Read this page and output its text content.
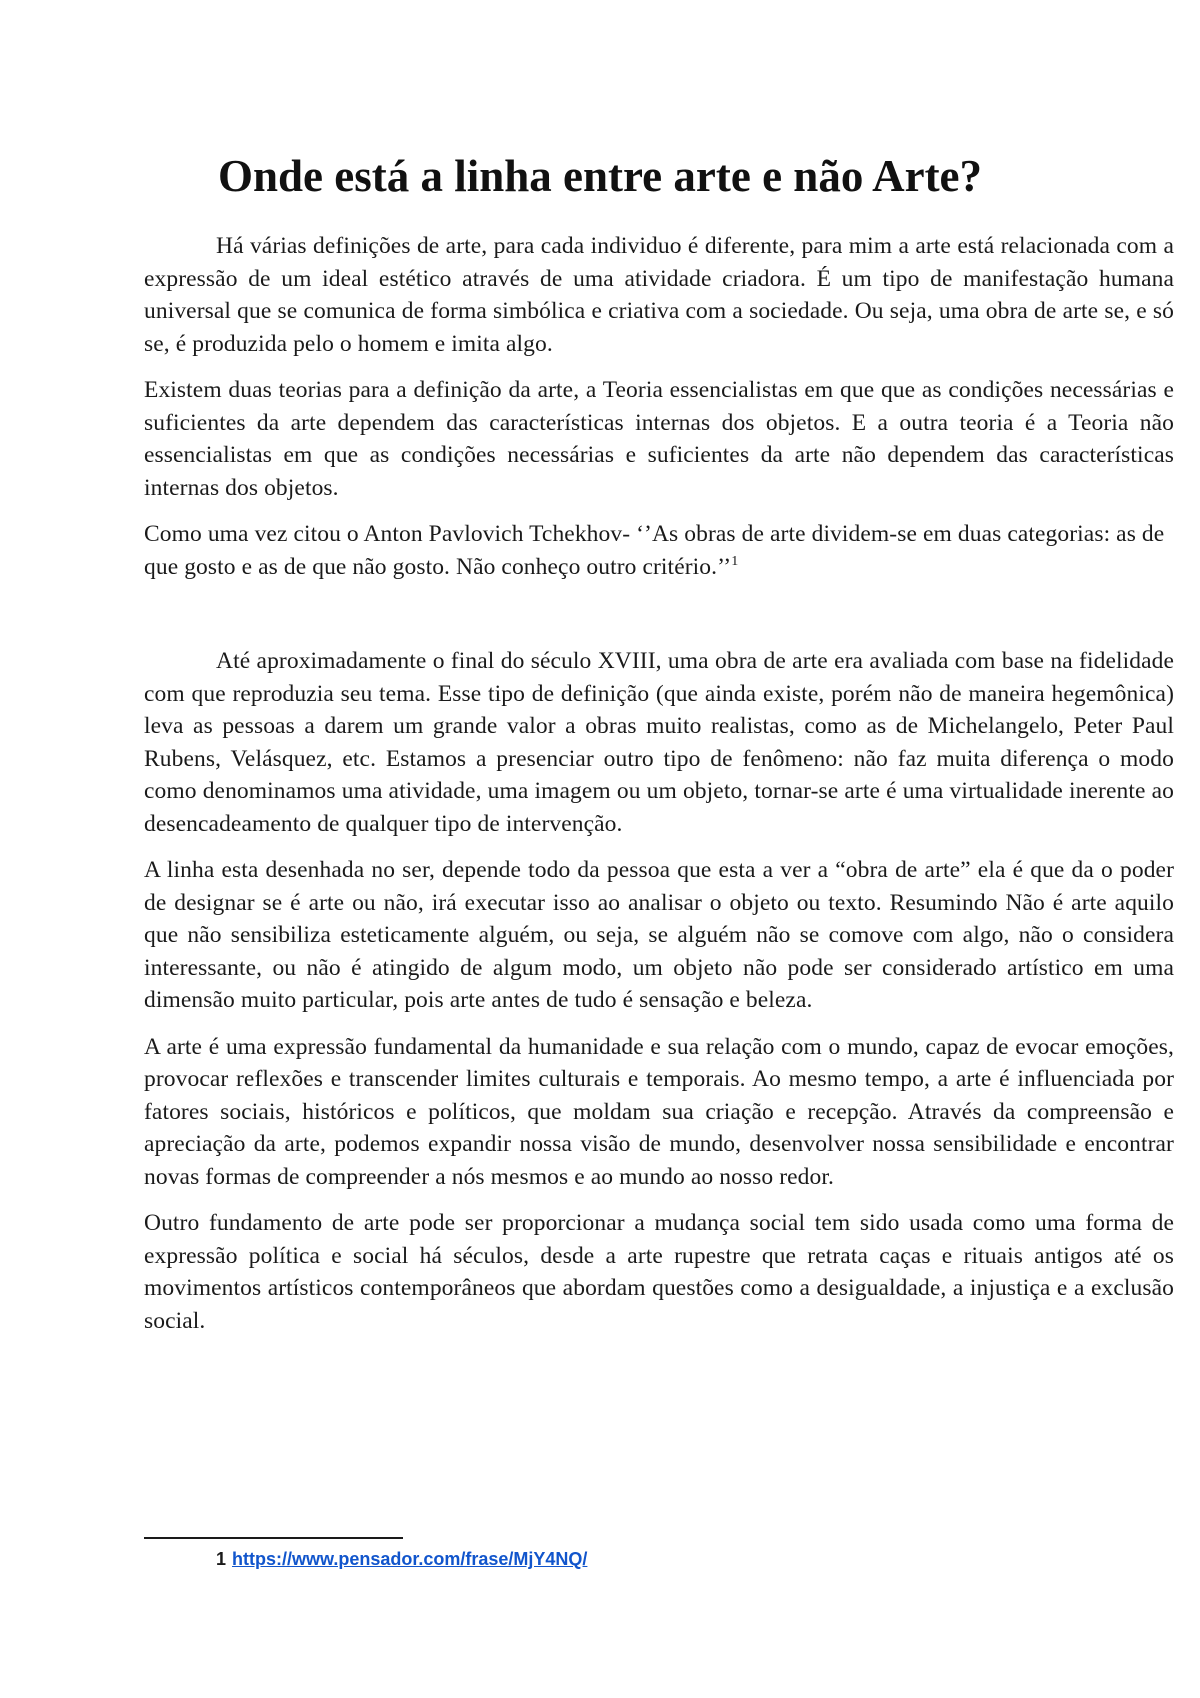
Onde está a linha entre arte e não Arte?

Há várias definições de arte, para cada individuo é diferente, para mim a arte está relacionada com a expressão de um ideal estético através de uma atividade criadora. É um tipo de manifestação humana universal que se comunica de forma simbólica e criativa com a sociedade. Ou seja, uma obra de arte se, e só se, é produzida pelo o homem e imita algo.

Existem duas teorias para a definição da arte, a Teoria essencialistas em que que as condições necessárias e suficientes da arte dependem das características internas dos objetos. E a outra teoria é a Teoria não essencialistas em que as condições necessárias e suficientes da arte não dependem das características internas dos objetos.

Como uma vez citou o Anton Pavlovich Tchekhov- ‘’As obras de arte dividem-se em duas categorias: as de que gosto e as de que não gosto. Não conheço outro critério.’’$^1$

Até aproximadamente o final do século XVIII, uma obra de arte era avaliada com base na fidelidade com que reproduzia seu tema. Esse tipo de definição (que ainda existe, porém não de maneira hegemônica) leva as pessoas a darem um grande valor a obras muito realistas, como as de Michelangelo, Peter Paul Rubens, Velásquez, etc. Estamos a presenciar outro tipo de fenômeno: não faz muita diferença o modo como denominamos uma atividade, uma imagem ou um objeto, tornar-se arte é uma virtualidade inerente ao desencadeamento de qualquer tipo de intervenção.

A linha esta desenhada no ser, depende todo da pessoa que esta a ver a “obra de arte” ela é que da o poder de designar se é arte ou não, irá executar isso ao analisar o objeto ou texto. Resumindo Não é arte aquilo que não sensibiliza esteticamente alguém, ou seja, se alguém não se comove com algo, não o considera interessante, ou não é atingido de algum modo, um objeto não pode ser considerado artístico em uma dimensão muito particular, pois arte antes de tudo é sensação e beleza.

A arte é uma expressão fundamental da humanidade e sua relação com o mundo, capaz de evocar emoções, provocar reflexões e transcender limites culturais e temporais. Ao mesmo tempo, a arte é influenciada por fatores sociais, históricos e políticos, que moldam sua criação e recepção. Através da compreensão e apreciação da arte, podemos expandir nossa visão de mundo, desenvolver nossa sensibilidade e encontrar novas formas de compreender a nós mesmos e ao mundo ao nosso redor.

Outro fundamento de arte pode ser proporcionar a mudança social tem sido usada como uma forma de expressão política e social há séculos, desde a arte rupestre que retrata caças e rituais antigos até os movimentos artísticos contemporâneos que abordam questões como a desigualdade, a injustiça e a exclusão social.

1 https://www.pensador.com/frase/MjY4NQ/
